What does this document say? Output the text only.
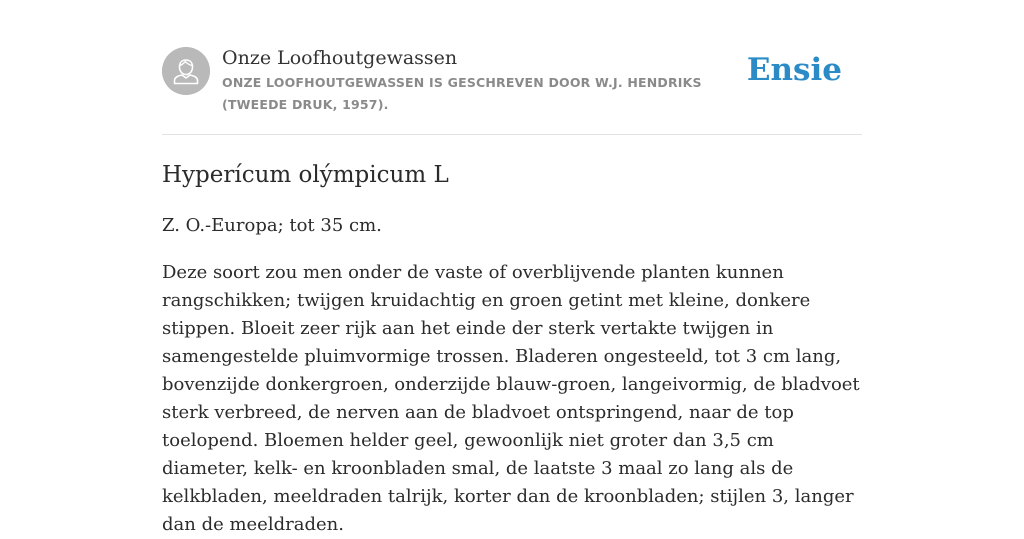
Onze Loofhoutgewassen
ONZE LOOFHOUTGEWASSEN IS GESCHREVEN DOOR W.J. HENDRIKS (TWEEDE DRUK, 1957).
Ensie
Hyperícum olýmpicum L

Z. O.-Europa; tot 35 cm.

Deze soort zou men onder de vaste of overblijvende planten kunnen rangschikken; twijgen kruidachtig en groen getint met kleine, donkere stippen. Bloeit zeer rijk aan het einde der sterk vertakte twijgen in samengestelde pluimvormige trossen. Bladeren ongesteeld, tot 3 cm lang, bovenzijde donkergroen, onderzijde blauw-groen, langeivormig, de bladvoet sterk verbreed, de nerven aan de bladvoet ontspringend, naar de top toelopend. Bloemen helder geel, gewoonlijk niet groter dan 3,5 cm diameter, kelk- en kroonbladen smal, de laatste 3 maal zo lang als de kelkbladen, meeldraden talrijk, korter dan de kroonbladen; stijlen 3, langer dan de meeldraden.
